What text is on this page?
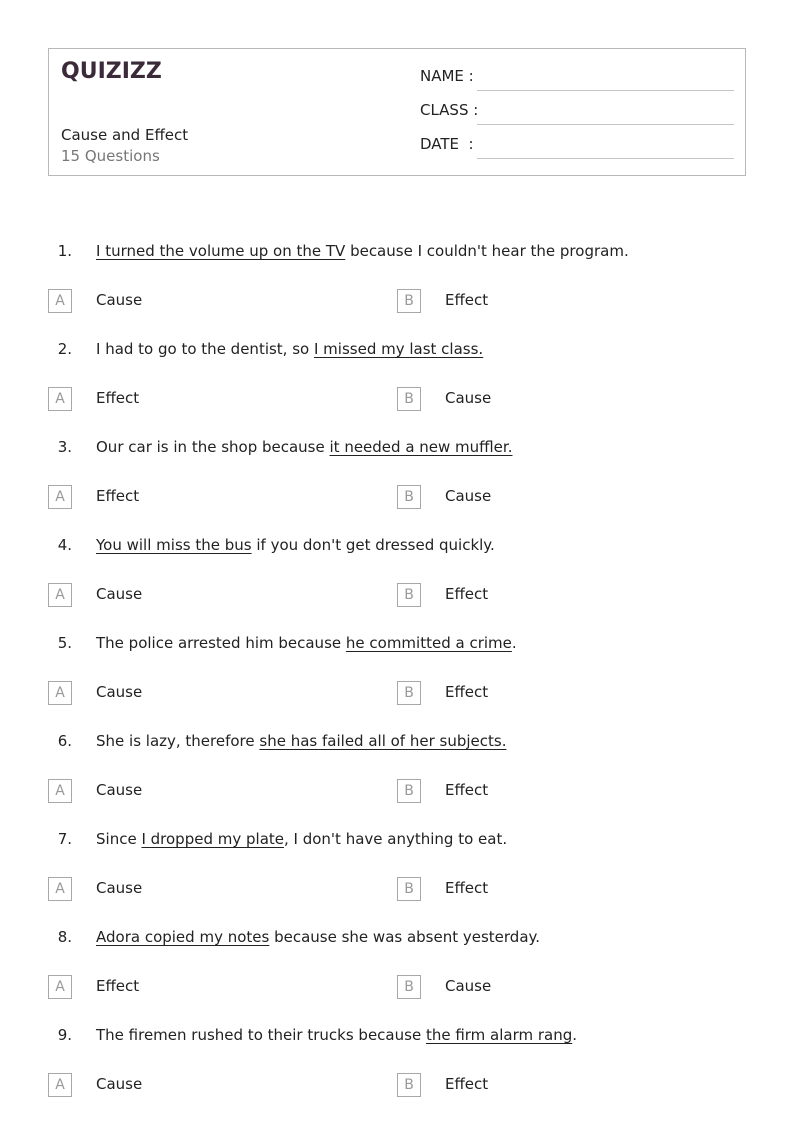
QUIZIZZ
Cause and Effect
15 Questions
NAME :
CLASS :
DATE  :
1. I turned the volume up on the TV because I couldn't hear the program.
A	Cause	B	Effect
2. I had to go to the dentist, so I missed my last class.
A	Effect	B	Cause
3. Our car is in the shop because it needed a new muffler.
A	Effect	B	Cause
4. You will miss the bus if you don't get dressed quickly.
A	Cause	B	Effect
5. The police arrested him because he committed a crime.
A	Cause	B	Effect
6. She is lazy, therefore she has failed all of her subjects.
A	Cause	B	Effect
7. Since I dropped my plate, I don't have anything to eat.
A	Cause	B	Effect
8. Adora copied my notes because she was absent yesterday.
A	Effect	B	Cause
9. The firemen rushed to their trucks because the firm alarm rang.
A	Cause	B	Effect
